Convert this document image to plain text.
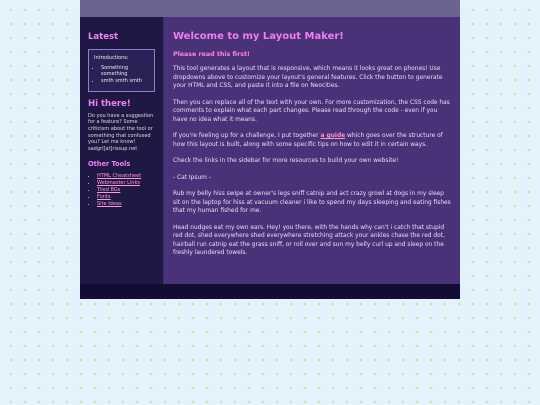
Latest
Introductions:
• Something something
• smth smth smth
Hi there!

Do you have a suggestion for a feature? Some criticism about the tool or something that confused you? Let me know! sadgrl[at]rissup.net

Other Tools
• HTML Cheatsheet
• Webmaster Links
• Tiled BGs
• Fonts
• Site Ideas
Welcome to my Layout Maker!
Please read this first!

This tool generates a layout that is responsive, which means it looks great on phones! Use dropdowns above to customize your layout's general features. Click the button to generate your HTML and CSS, and paste it into a file on Neocities.

Then you can replace all of the text with your own. For more customization, the CSS code has comments to explain what each part changes. Please read through the code - even if you have no idea what it means.

If you're feeling up for a challenge, I put together a guide which goes over the structure of how this layout is built, along with some specific tips on how to edit it in certain ways.

Check the links in the sidebar for more resources to build your own website!

- Cat Ipsum -

Rub my belly hiss swipe at owner's legs sniff catnip and act crazy growl at dogs in my sleep sit on the laptop for hiss at vacuum cleaner i like to spend my days sleeping and eating fishes that my human fished for me.

Head nudges eat my own ears. Hey! you there, with the hands why can't i catch that stupid red dot, shed everywhere shed everywhere stretching attack your ankles chase the red dot, hairball run catnip eat the grass sniff, or roll over and sun my belly curl up and sleep on the freshly laundered towels.
